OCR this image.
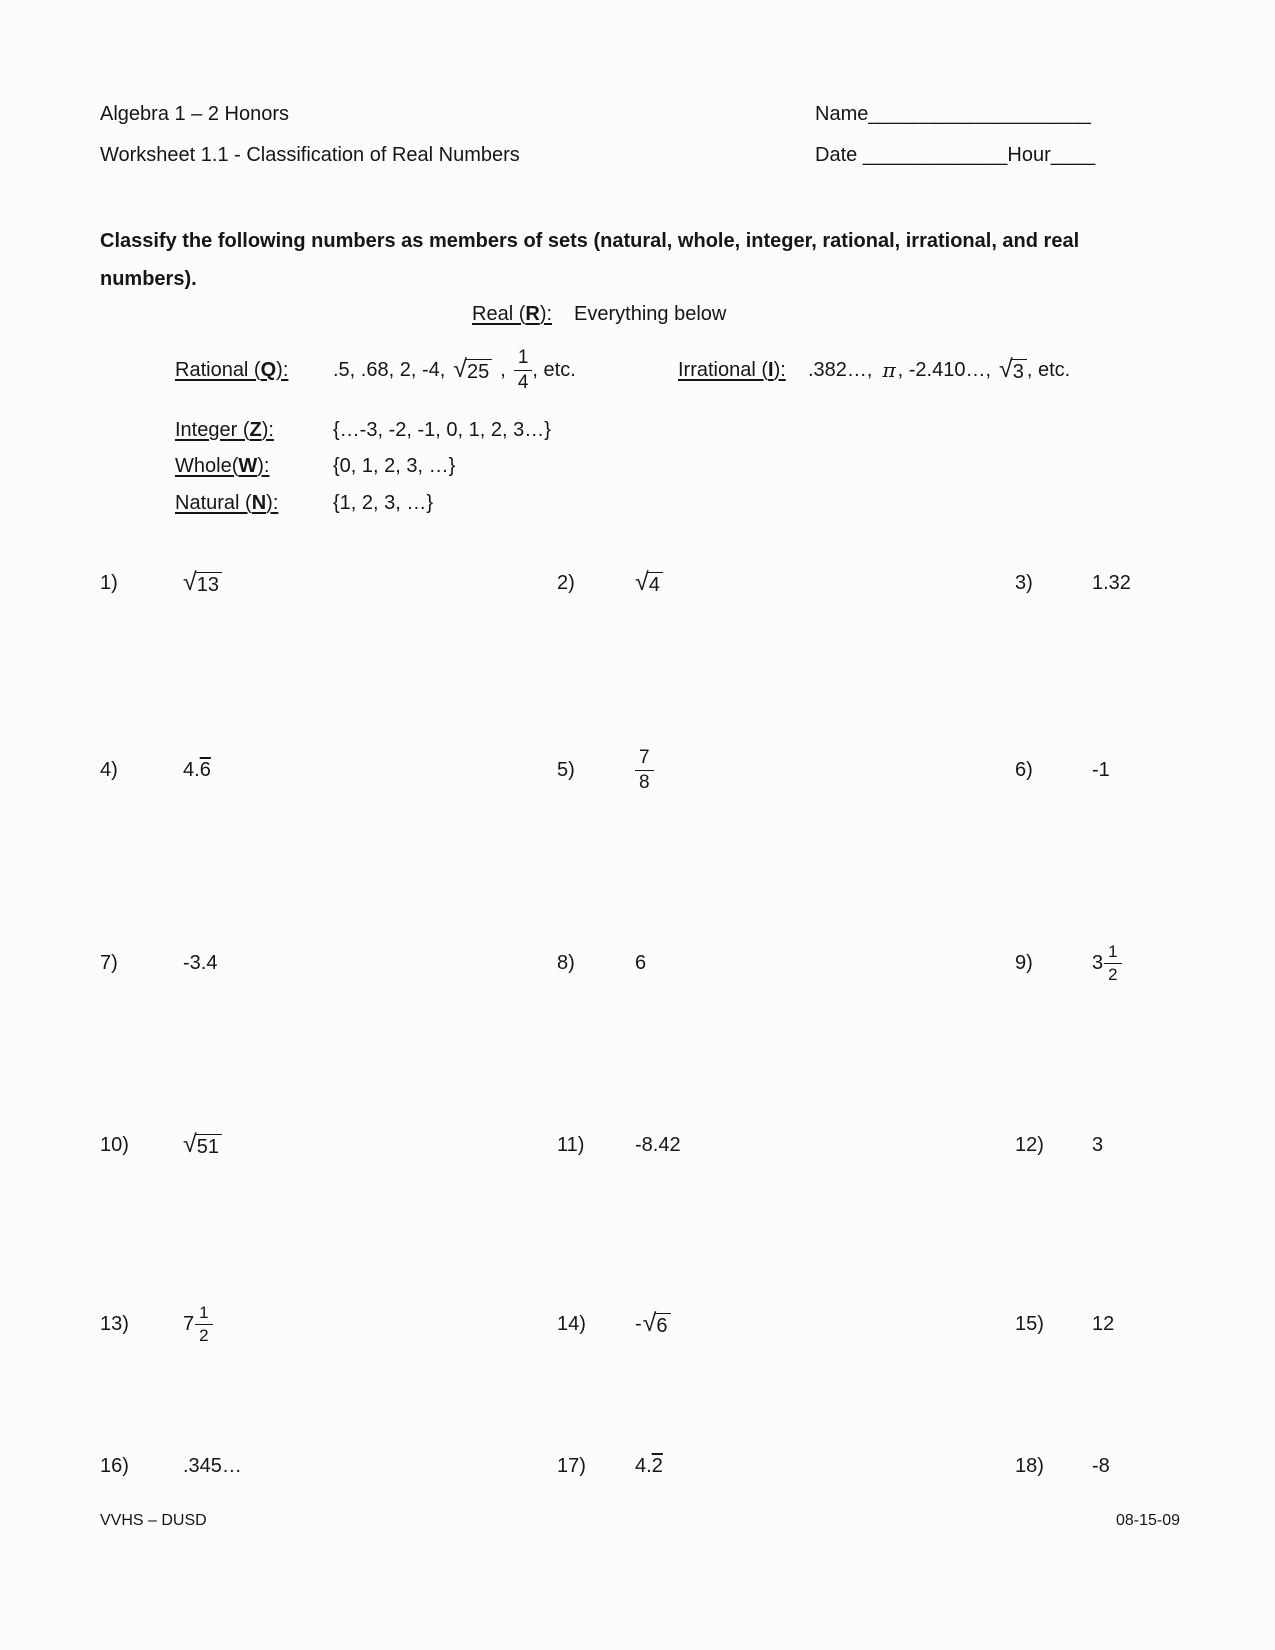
Algebra 1 – 2 Honors
Worksheet 1.1 - Classification of Real Numbers
Name____________________
Date _____________Hour____
Classify the following numbers as members of sets (natural, whole, integer, rational, irrational, and real numbers).
Real (R): Everything below
Rational (Q):	.5, .68, 2, -4, √ 25 , $\frac{1}{4}$ , etc.	Irrational (I):	.382…, π , -2.410…, √ 3 , etc.
Integer (Z):	{…-3, -2, -1, 0, 1, 2, 3…}
Whole(W):	{0, 1, 2, 3, …}
Natural (N):	{1, 2, 3, …}
1)	√ 13	2)	√ 4	3)	1.32
4)	4. 6	5)	$\frac{7}{8}$	6)	-1
7)	-3.4	8)	6	9)	$3 \frac{1}{2}$
10)	√ 51	11)	-8.42	12)	3
13)	$7 \frac{1}{2}$	14)	- √ 6	15)	12
16)	.345…	17)	4. 2	18)	-8
VVHS – DUSD	08-15-09
